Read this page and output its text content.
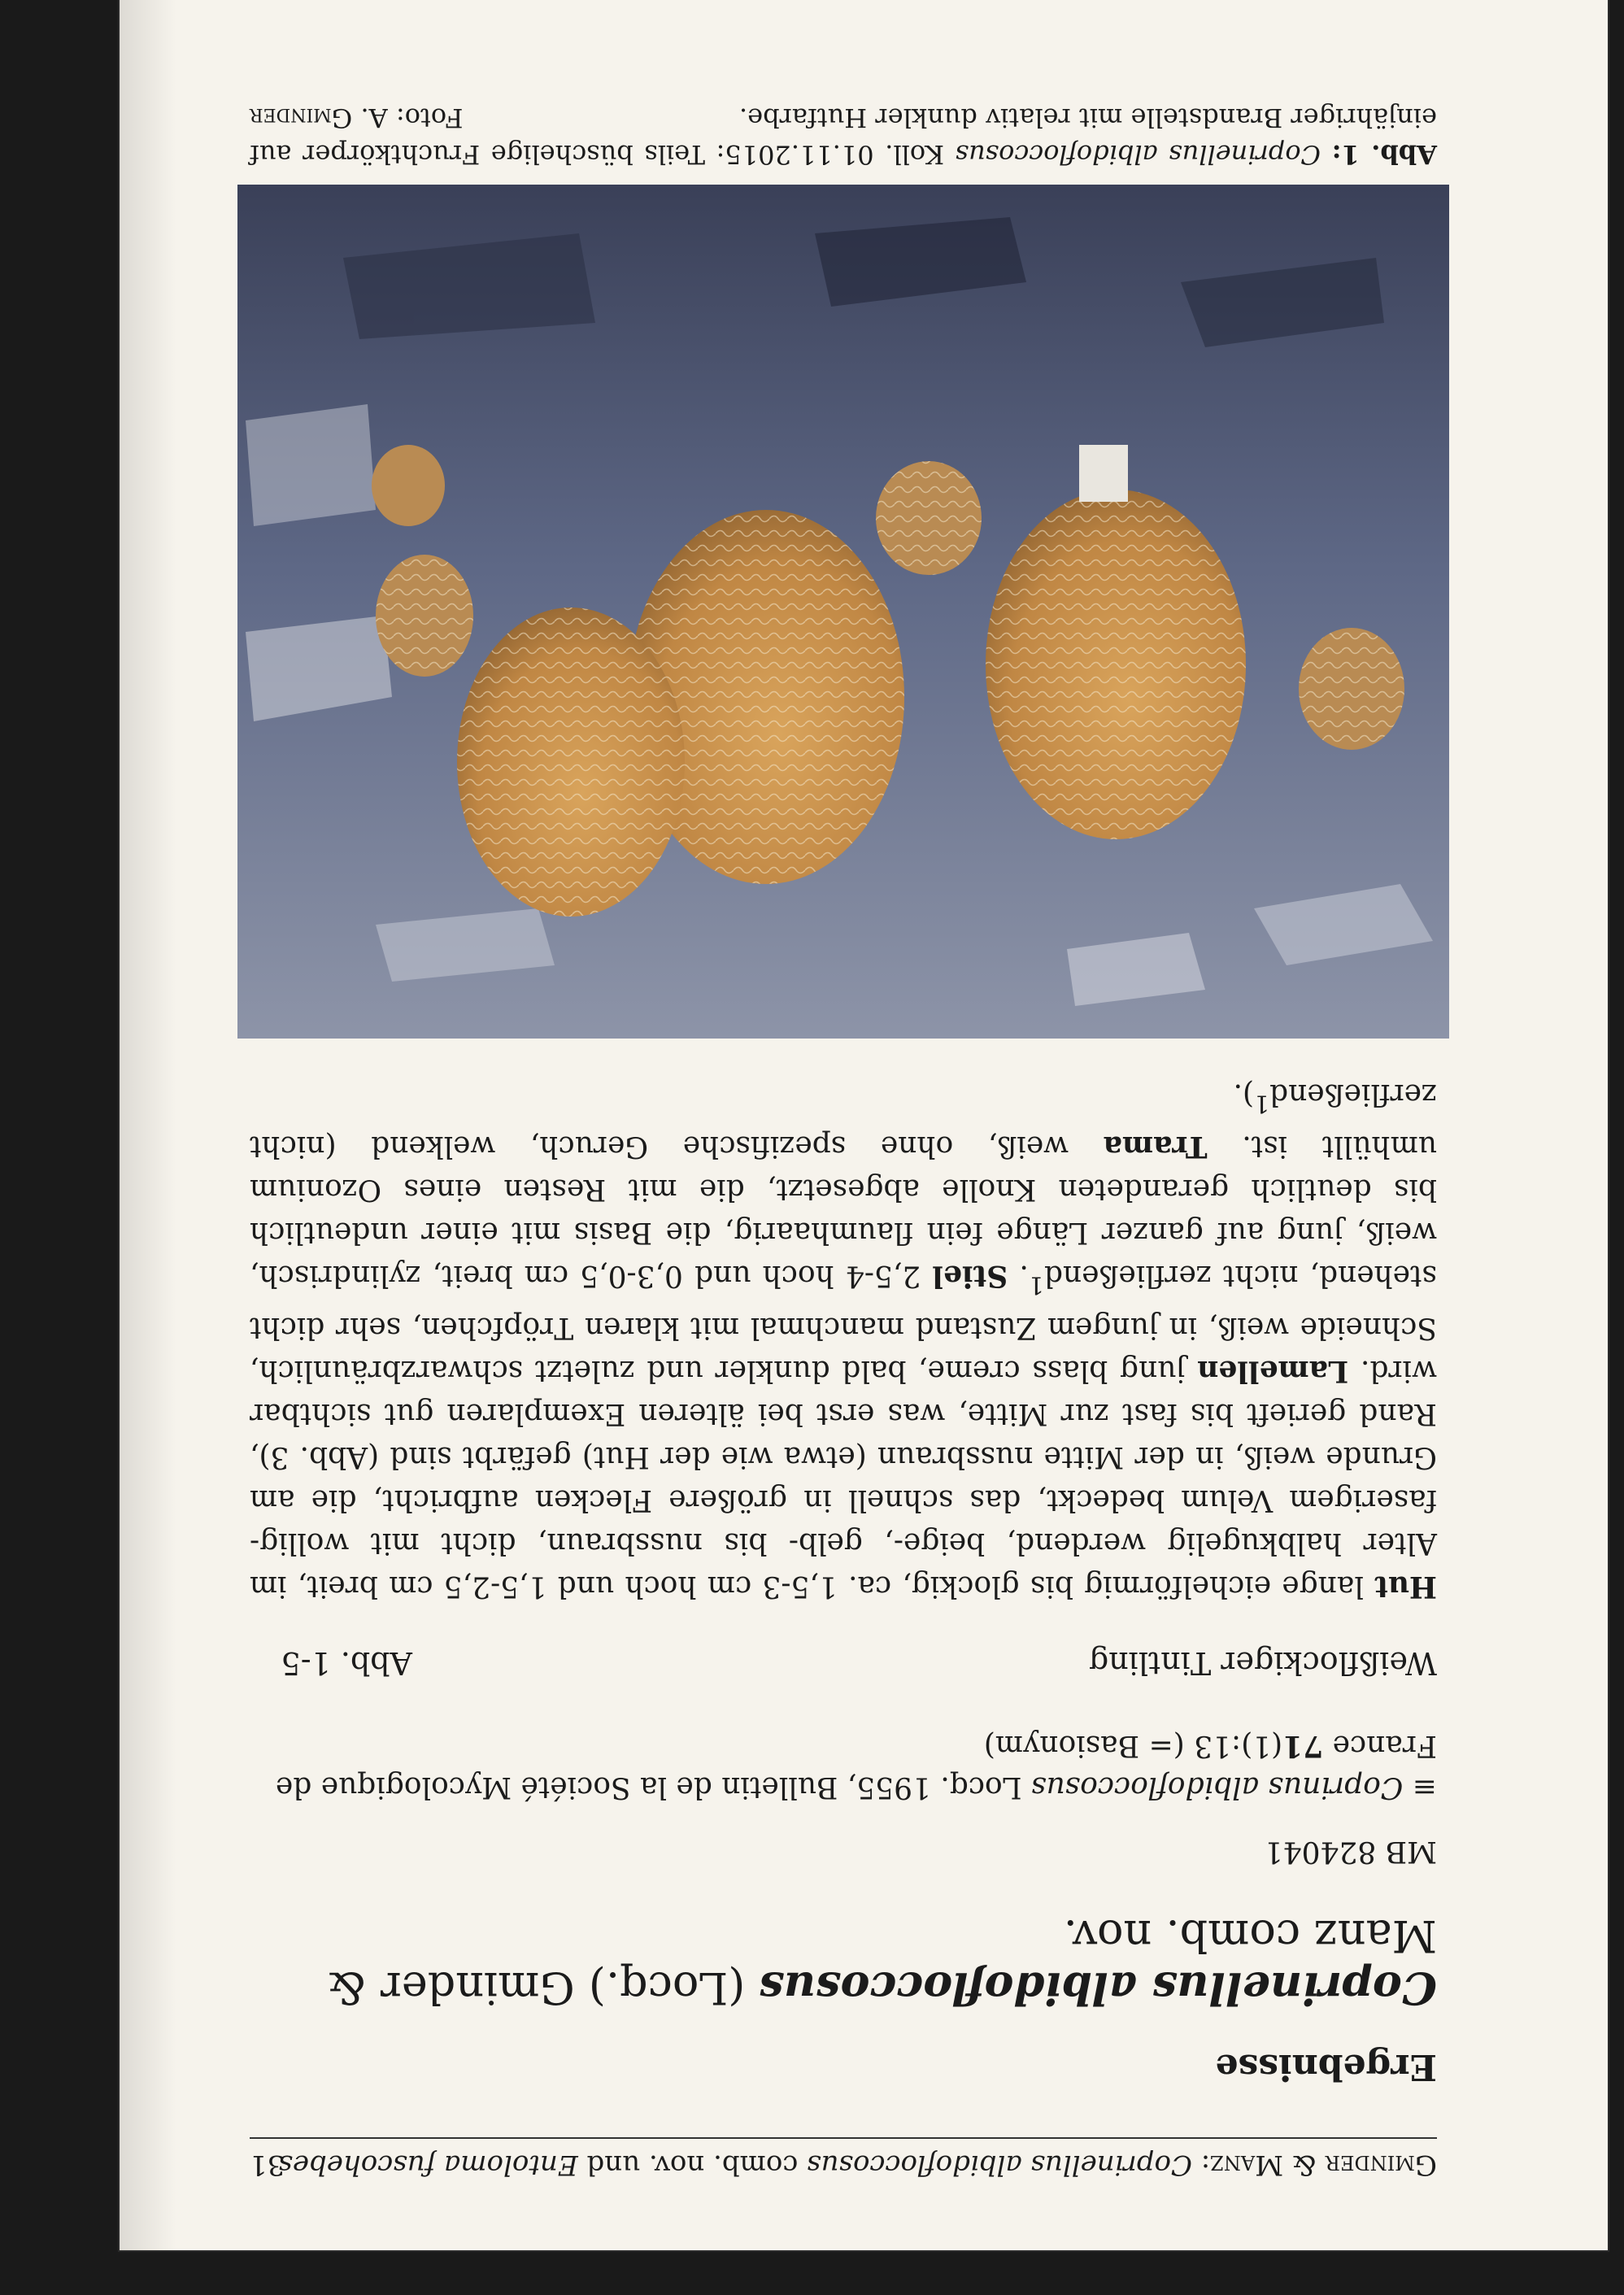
Gminder & Manz: Coprinellus albidofloccosus comb. nov. und Entoloma fuscohebes
31
Ergebnisse
Coprinellus albidofloccosus (Locq.) Gminder & Manz comb. nov.
MB 824041
≡ Coprinus albidofloccosus Locq. 1955, Bulletin de la Société Mycologique de France 71(1):13 (= Basionym)
Weißflockiger Tintling
Abb. 1-5
Hut lange eichelförmig bis glockig, ca. 1,5-3 cm hoch und 1,5-2,5 cm breit, im Alter halbkugelig werdend, beige-, gelb- bis nussbraun, dicht mit wollig-faserigem Velum bedeckt, das schnell in größere Flecken aufbricht, die am Grunde weiß, in der Mitte nussbraun (etwa wie der Hut) gefärbt sind (Abb. 3), Rand gerieft bis fast zur Mitte, was erst bei älteren Exemplaren gut sichtbar wird. Lamellen jung blass creme, bald dunkler und zuletzt schwarzbräunlich, Schneide weiß, in jungem Zustand manchmal mit klaren Tröpfchen, sehr dicht stehend, nicht zerfließend$^1$. Stiel 2,5-4 hoch und 0,3-0,5 cm breit, zylindrisch, weiß, jung auf ganzer Länge fein flaumhaarig, die Basis mit einer undeutlich bis deutlich gerandeten Knolle abgesetzt, die mit Resten eines Ozonium umhüllt ist. Trama weiß, ohne spezifische Geruch, welkend (nicht zerfließend$^1$).
Abb. 1: Coprinellus albidofloccosus Koll. 01.11.2015: Teils büschelige Fruchtkörper auf einjähriger Brandstelle mit relativ dunkler Hutfarbe.
Foto: A. Gminder
